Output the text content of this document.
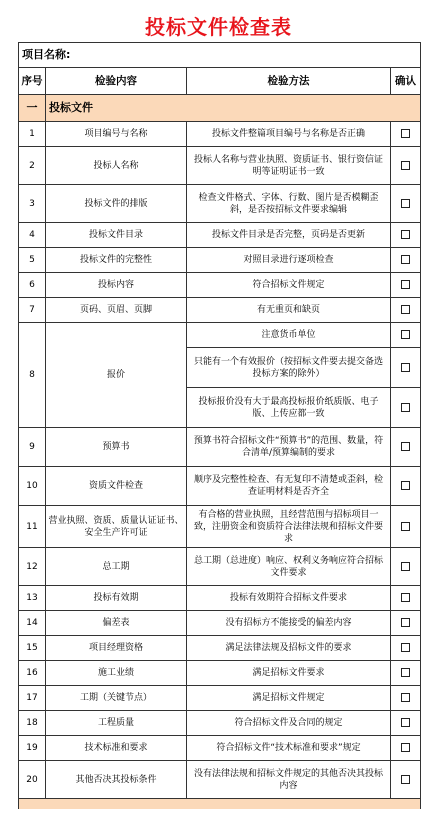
投标文件检查表
项目名称:			
序号	检验内容	检验方法	确认
一	投标文件		
1	项目编号与名称	投标文件整篇项目编号与名称是否正确	
2	投标人名称	投标人名称与营业执照、资质证书、银行资信证明等证明证书一致	
3	投标文件的排版	检查文件格式、字体、行数、图片是否模糊歪斜，是否按招标文件要求编辑	
4	投标文件目录	投标文件目录是否完整，页码是否更新	
5	投标文件的完整性	对照目录进行逐项检查	
6	投标内容	符合招标文件规定	
7	页码、页眉、页脚	有无重页和缺页	
8	报价	注意货币单位	
		只能有一个有效报价（按招标文件要去提交备选投标方案的除外）	
		投标报价没有大于最高投标报价纸质版、电子版、上传应都一致	
9	预算书	预算书符合招标文件“预算书”的范围、数量，符合清单/预算编制的要求	
10	资质文件检查	顺序及完整性检查、有无复印不清楚或歪斜，检查证明材料是否齐全	
11	营业执照、资质、质量认证证书、安全生产许可证	有合格的营业执照，且经营范围与招标项目一致，注册资金和资质符合法律法规和招标文件要求	
12	总工期	总工期（总进度）响应、权利义务响应符合招标文件要求	
13	投标有效期	投标有效期符合招标文件要求	
14	偏差表	没有招标方不能接受的偏差内容	
15	项目经理资格	满足法律法规及招标文件的要求	
16	施工业绩	满足招标文件要求	
17	工期（关键节点）	满足招标文件规定	
18	工程质量	符合招标文件及合同的规定	
19	技术标准和要求	符合招标文件“技术标准和要求”规定	
20	其他否决其投标条件	没有法律法规和招标文件规定的其他否决其投标内容	
